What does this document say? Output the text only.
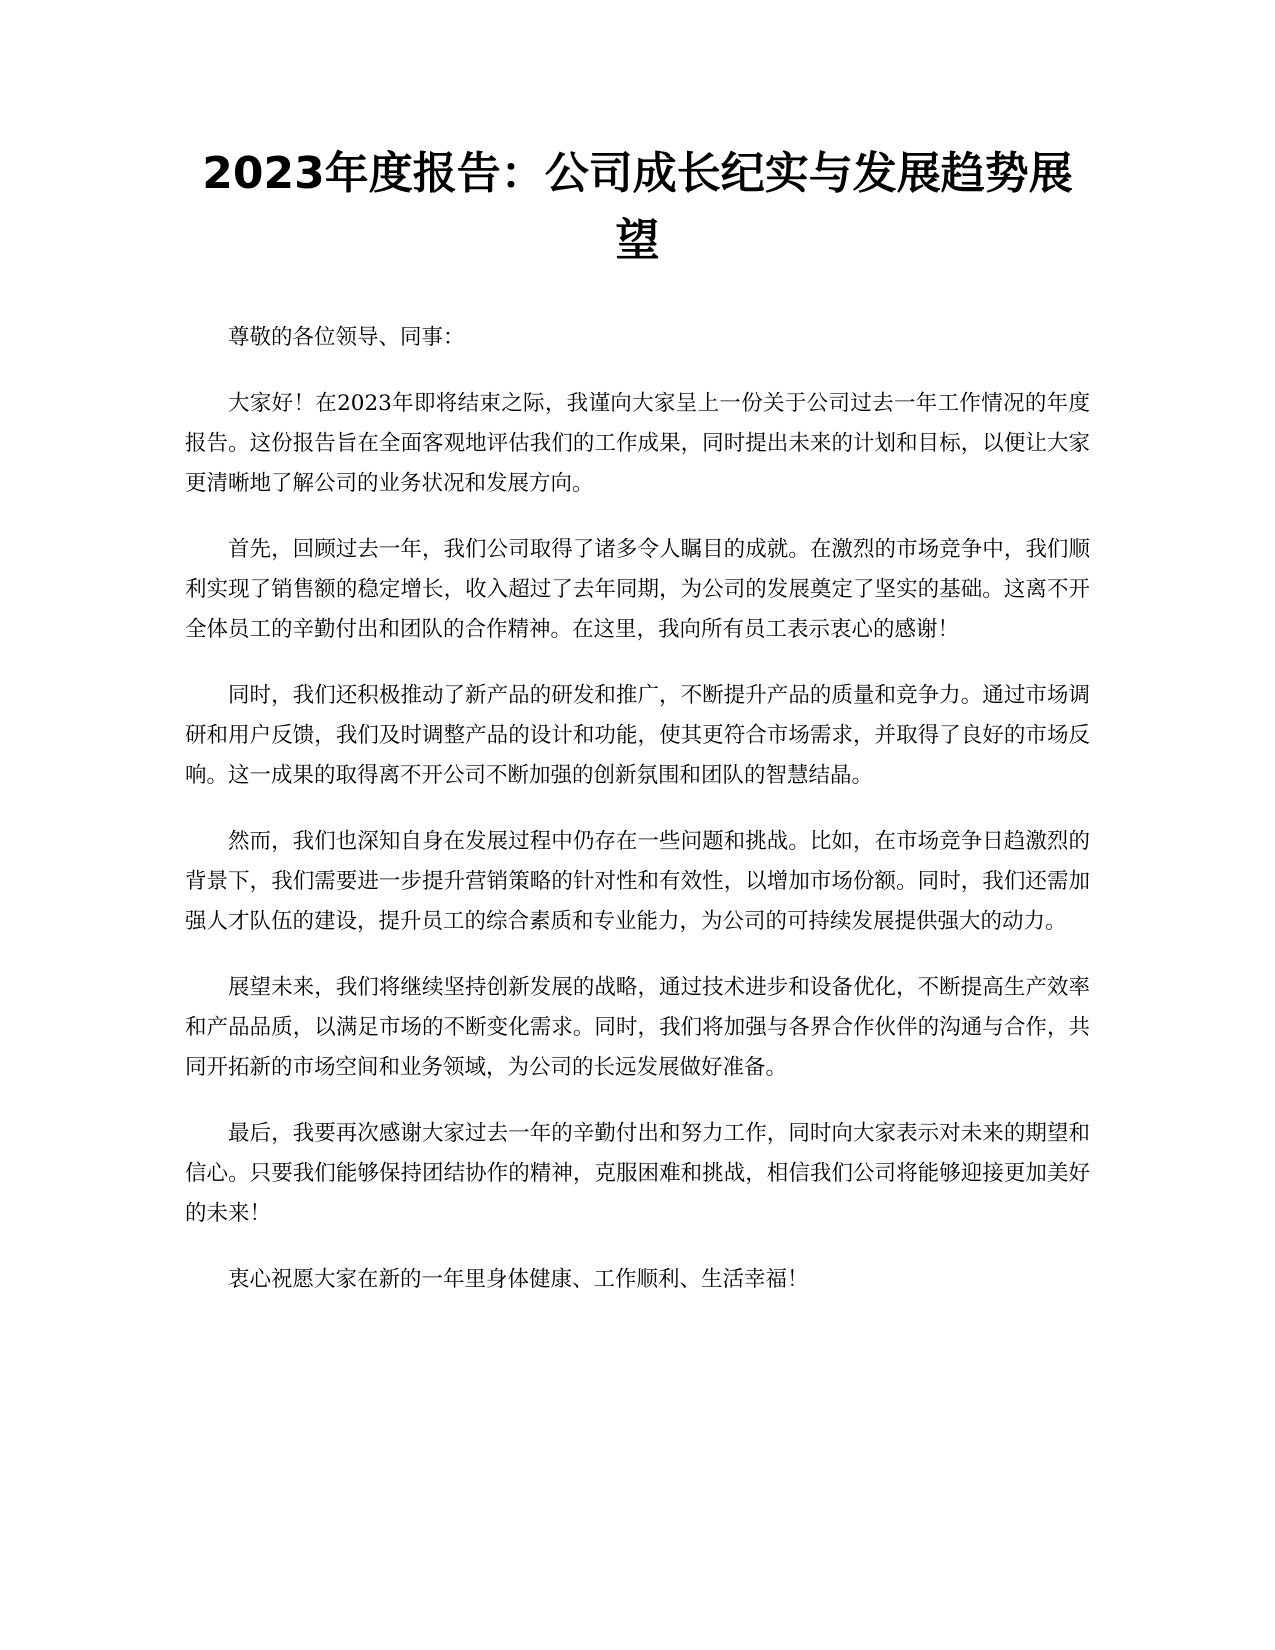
2023年度报告：公司成长纪实与发展趋势展望

尊敬的各位领导、同事：

大家好！在2023年即将结束之际，我谨向大家呈上一份关于公司过去一年工作情况的年度报告。这份报告旨在全面客观地评估我们的工作成果，同时提出未来的计划和目标，以便让大家更清晰地了解公司的业务状况和发展方向。

首先，回顾过去一年，我们公司取得了诸多令人瞩目的成就。在激烈的市场竞争中，我们顺利实现了销售额的稳定增长，收入超过了去年同期，为公司的发展奠定了坚实的基础。这离不开全体员工的辛勤付出和团队的合作精神。在这里，我向所有员工表示衷心的感谢！

同时，我们还积极推动了新产品的研发和推广，不断提升产品的质量和竞争力。通过市场调研和用户反馈，我们及时调整产品的设计和功能，使其更符合市场需求，并取得了良好的市场反响。这一成果的取得离不开公司不断加强的创新氛围和团队的智慧结晶。

然而，我们也深知自身在发展过程中仍存在一些问题和挑战。比如，在市场竞争日趋激烈的背景下，我们需要进一步提升营销策略的针对性和有效性，以增加市场份额。同时，我们还需加强人才队伍的建设，提升员工的综合素质和专业能力，为公司的可持续发展提供强大的动力。

展望未来，我们将继续坚持创新发展的战略，通过技术进步和设备优化，不断提高生产效率和产品品质，以满足市场的不断变化需求。同时，我们将加强与各界合作伙伴的沟通与合作，共同开拓新的市场空间和业务领域，为公司的长远发展做好准备。

最后，我要再次感谢大家过去一年的辛勤付出和努力工作，同时向大家表示对未来的期望和信心。只要我们能够保持团结协作的精神，克服困难和挑战，相信我们公司将能够迎接更加美好的未来！

衷心祝愿大家在新的一年里身体健康、工作顺利、生活幸福！
